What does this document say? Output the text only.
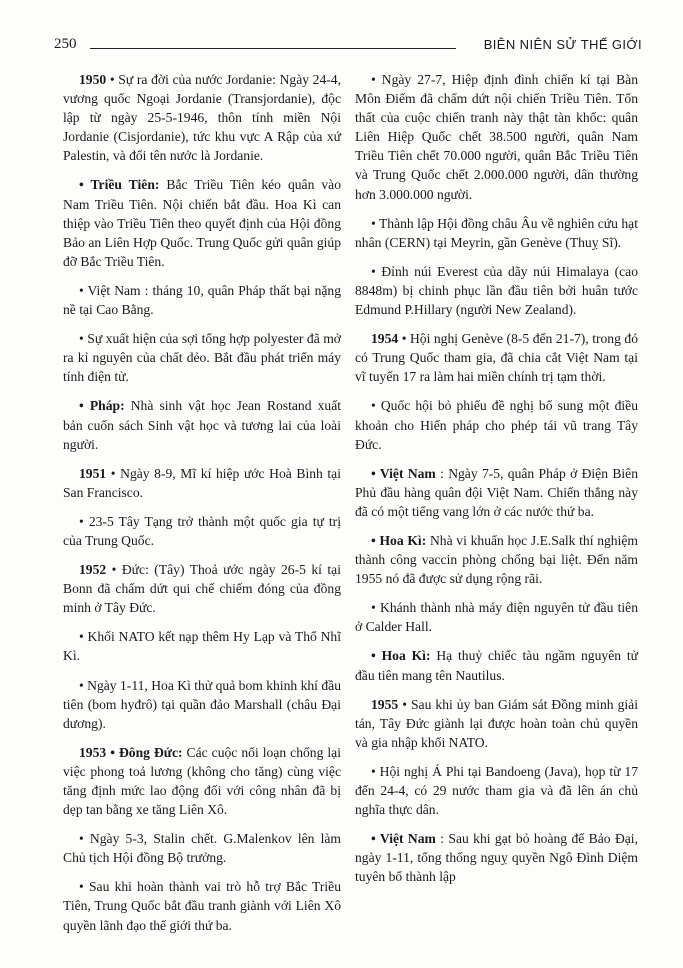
250	BIÊN NIÊN SỬ THẾ GIỚI

1950 • Sự ra đời của nước Jordanie: Ngày 24-4, vương quốc Ngoại Jordanie (Transjordanie), độc lập từ ngày 25-5-1946, thôn tính miền Nội Jordanie (Cisjordanie), tức khu vực A Rập của xứ Palestin, và đổi tên nước là Jordanie.

• Triều Tiên: Bắc Triều Tiên kéo quân vào Nam Triều Tiên. Nội chiến bắt đầu. Hoa Kì can thiệp vào Triều Tiên theo quyết định của Hội đồng Bảo an Liên Hợp Quốc. Trung Quốc gửi quân giúp đỡ Bắc Triều Tiên.

• Việt Nam : tháng 10, quân Pháp thất bại nặng nề tại Cao Bằng.

• Sự xuất hiện của sợi tổng hợp polyester đã mở ra kỉ nguyên của chất dẻo. Bắt đầu phát triển máy tính điện tử.

• Pháp: Nhà sinh vật học Jean Rostand xuất bản cuốn sách Sinh vật học và tương lai của loài người.

1951 • Ngày 8-9, Mĩ kí hiệp ước Hoà Bình tại San Francisco.

• 23-5 Tây Tạng trở thành một quốc gia tự trị của Trung Quốc.

1952 • Đức: (Tây) Thoả ước ngày 26-5 kí tại Bonn đã chấm dứt qui chế chiếm đóng của đồng minh ở Tây Đức.

• Khối NATO kết nạp thêm Hy Lạp và Thổ Nhĩ Kì.

• Ngày 1-11, Hoa Kì thử quả bom khinh khí đầu tiên (bom hyđrô) tại quần đảo Marshall (châu Đại dương).

1953 • Đông Đức: Các cuộc nổi loạn chống lại việc phong toả lương (không cho tăng) cùng việc tăng định mức lao động đối với công nhân đã bị dẹp tan bằng xe tăng Liên Xô.

• Ngày 5-3, Stalin chết. G.Malenkov lên làm Chủ tịch Hội đồng Bộ trưởng.

• Sau khi hoàn thành vai trò hỗ trợ Bắc Triều Tiên, Trung Quốc bắt đầu tranh giành với Liên Xô quyền lãnh đạo thế giới thứ ba.

• Ngày 27-7, Hiệp định đình chiến kí tại Bàn Môn Điếm đã chấm dứt nội chiến Triều Tiên. Tổn thất của cuộc chiến tranh này thật tàn khốc: quân Liên Hiệp Quốc chết 38.500 người, quân Nam Triều Tiên chết 70.000 người, quân Bắc Triều Tiên và Trung Quốc chết 2.000.000 người, dân thường hơn 3.000.000 người.

• Thành lập Hội đồng châu Âu về nghiên cứu hạt nhân (CERN) tại Meyrin, gần Genève (Thuỵ Sĩ).

• Đỉnh núi Everest của dãy núi Himalaya (cao 8848m) bị chinh phục lần đầu tiên bởi huân tước Edmund P.Hillary (người New Zealand).

1954 • Hội nghị Genève (8-5 đến 21-7), trong đó có Trung Quốc tham gia, đã chia cắt Việt Nam tại vĩ tuyến 17 ra làm hai miền chính trị tạm thời.

• Quốc hội bỏ phiếu đề nghị bổ sung một điều khoản cho Hiến pháp cho phép tái vũ trang Tây Đức.

• Việt Nam : Ngày 7-5, quân Pháp ở Điện Biên Phủ đầu hàng quân đội Việt Nam. Chiến thắng này đã có một tiếng vang lớn ở các nước thứ ba.

• Hoa Kì: Nhà vi khuẩn học J.E.Salk thí nghiệm thành công vaccin phòng chống bại liệt. Đến năm 1955 nó đã được sử dụng rộng rãi.

• Khánh thành nhà máy điện nguyên tử đầu tiên ở Calder Hall.

• Hoa Kì: Hạ thuỷ chiếc tàu ngầm nguyên tử đầu tiên mang tên Nautilus.

1955 • Sau khi ủy ban Giám sát Đồng minh giải tán, Tây Đức giành lại được hoàn toàn chủ quyền và gia nhập khối NATO.

• Hội nghị Á Phi tại Bandoeng (Java), họp từ 17 đến 24-4, có 29 nước tham gia và đã lên án chủ nghĩa thực dân.

• Việt Nam : Sau khi gạt bỏ hoàng đế Bảo Đại, ngày 1-11, tổng thống nguỵ quyền Ngô Đình Diệm tuyên bố thành lập
